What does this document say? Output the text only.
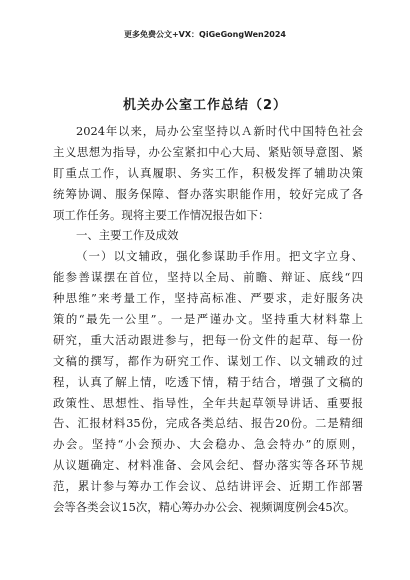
更多免费公文+VX：QiGeGongWen2024
机关办公室工作总结（2）
2024年以来，局办公室坚持以Ａ新时代中国特色社会
主义思想为指导，办公室紧扣中心大局、紧贴领导意图、紧
盯重点工作，认真履职、务实工作，积极发挥了辅助决策
统筹协调、服务保障、督办落实职能作用，较好完成了各
项工作任务。现将主要工作情况报告如下：
一、主要工作及成效
（一）以文辅政，强化参谋助手作用。把文字立身、
能参善谋摆在首位，坚持以全局、前瞻、辩证、底线“四
种思维”来考量工作，坚持高标准、严要求，走好服务决
策的“最先一公里”。一是严谨办文。坚持重大材料靠上
研究，重大活动跟进参与，把每一份文件的起草、每一份
文稿的撰写，都作为研究工作、谋划工作、以文辅政的过
程，认真了解上情，吃透下情，精于结合，增强了文稿的
政策性、思想性、指导性，全年共起草领导讲话、重要报
告、汇报材料35份，完成各类总结、报告20份。二是精细
办会。坚持“小会预办、大会稳办、急会特办”的原则，
从议题确定、材料准备、会风会纪、督办落实等各环节规
范，累计参与筹办工作会议、总结讲评会、近期工作部署
会等各类会议15次，精心筹办办公会、视频调度例会45次。
